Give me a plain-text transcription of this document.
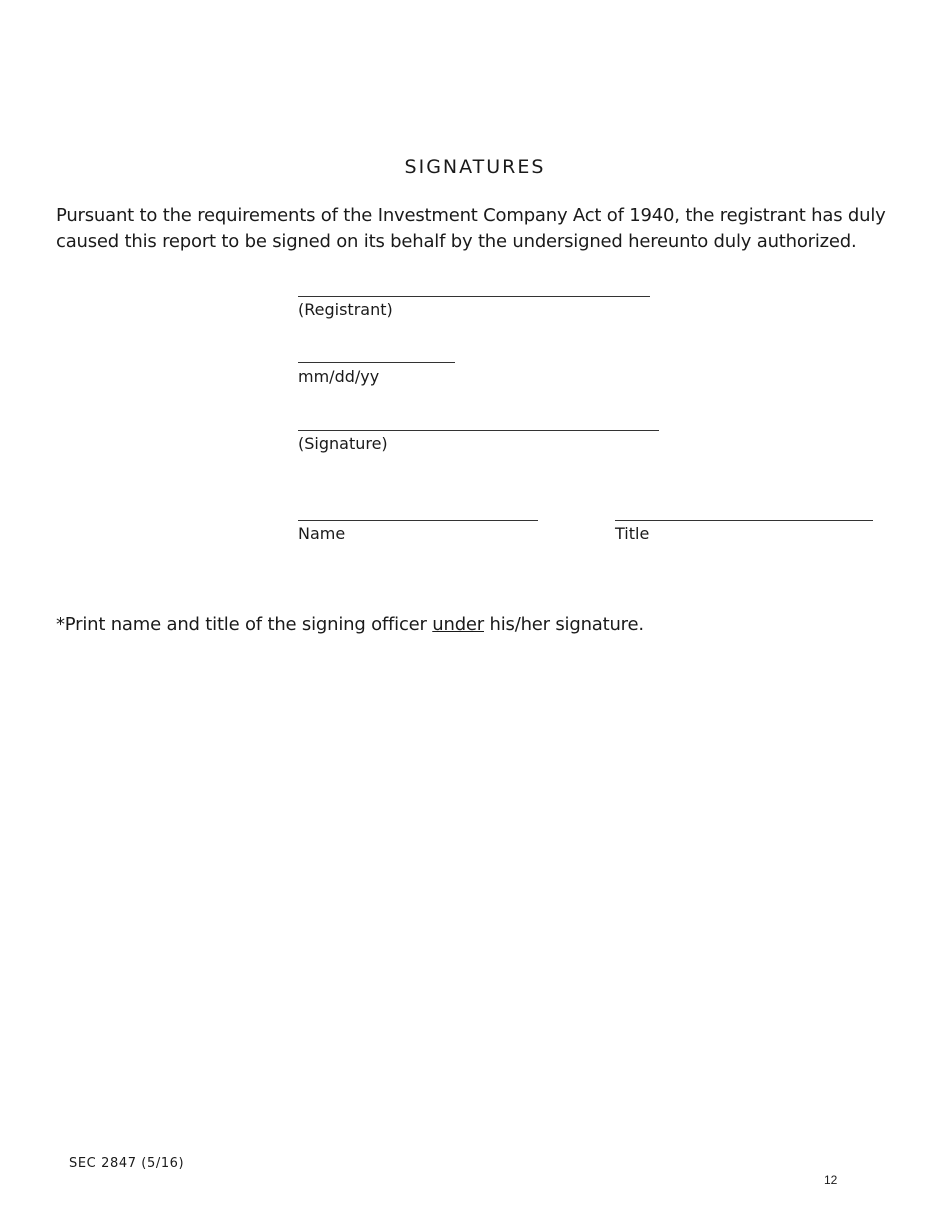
SIGNATURES
Pursuant to the requirements of the Investment Company Act of 1940, the registrant has duly caused this report to be signed on its behalf by the undersigned hereunto duly authorized.
(Registrant)
mm/dd/yy
(Signature)
Name	Title
*Print name and title of the signing officer under his/her signature.
SEC 2847 (5/16)
12
